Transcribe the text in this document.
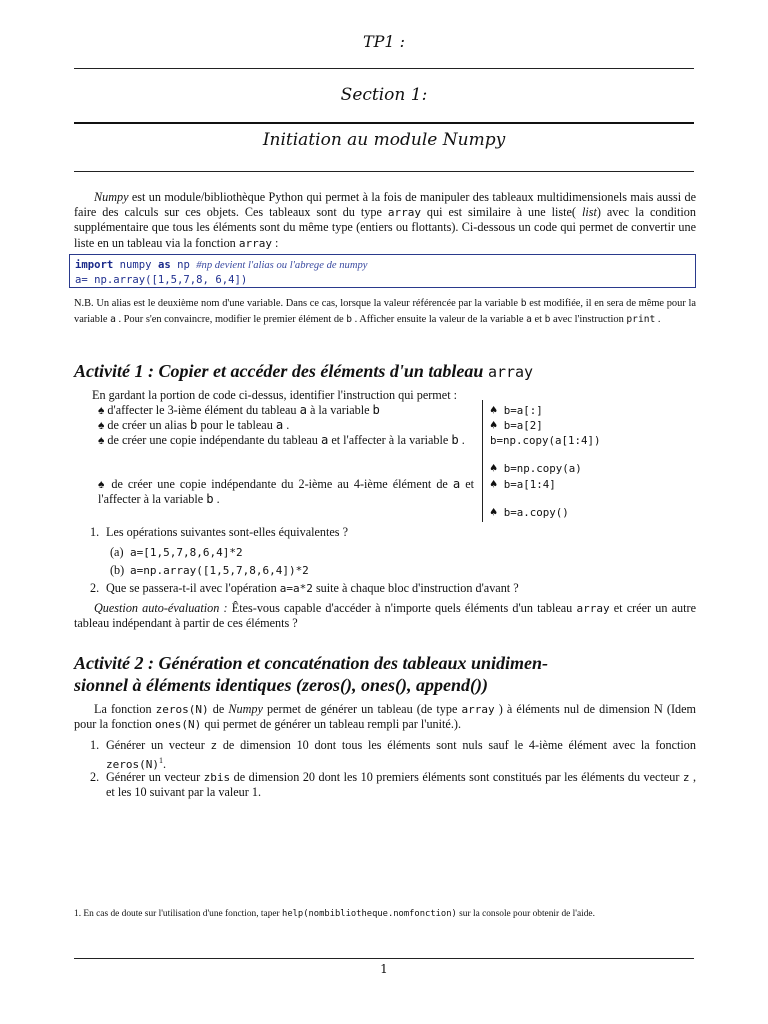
TP1 :
Section 1:
Initiation au module Numpy
Numpy est un module/bibliothèque Python qui permet à la fois de manipuler des tableaux multidimensionels mais aussi de faire des calculs sur ces objets. Ces tableaux sont du type array qui est similaire à une liste( list) avec la condition supplémentaire que tous les éléments sont du même type (entiers ou flottants). Ci-dessous un code qui permet de convertir une liste en un tableau via la fonction array :
import numpy as np #np devient l'alias ou l'abrege de numpy
a= np.array([1,5,7,8, 6,4])
N.B. Un alias est le deuxième nom d'une variable. Dans ce cas, lorsque la valeur référencée par la variable b est modifiée, il en sera de même pour la variable a . Pour s'en convaincre, modifier le premier élément de b . Afficher ensuite la valeur de la variable a et b avec l'instruction print .
Activité 1 : Copier et accéder des éléments d'un tableau array
En gardant la portion de code ci-dessus, identifier l'instruction qui permet :
♠ d'affecter le 3-ième élément du tableau a à la variable b
♠ de créer un alias b pour le tableau a .
♠ de créer une copie indépendante du tableau a et l'affecter à la variable b .
♠ de créer une copie indépendante du 2-ième au 4-ième élément de a et l'affecter à la variable b .
♠ b=a[:]
♠ b=a[2]
b=np.copy(a[1:4])
♠ b=np.copy(a)
♠ b=a[1:4]
♠ b=a.copy()
1. Les opérations suivantes sont-elles équivalentes ?
(a) a=[1,5,7,8,6,4]*2
(b) a=np.array([1,5,7,8,6,4])*2
2. Que se passera-t-il avec l'opération a=a*2 suite à chaque bloc d'instruction d'avant ?
Question auto-évaluation : Êtes-vous capable d'accéder à n'importe quels éléments d'un tableau array et créer un autre tableau indépendant à partir de ces éléments ?
Activité 2 : Génération et concaténation des tableaux unidimen-
sionnel à éléments identiques (zeros(), ones(), append())
La fonction zeros(N) de Numpy permet de générer un tableau (de type array ) à éléments nul de dimension N (Idem pour la fonction ones(N) qui permet de générer un tableau rempli par l'unité.).
1. Générer un vecteur z de dimension 10 dont tous les éléments sont nuls sauf le 4-ième élément avec la fonction $zeros(N)^1$.
2. Générer un vecteur zbis de dimension 20 dont les 10 premiers éléments sont constitués par les éléments du vecteur z , et les 10 suivant par la valeur 1.
1. En cas de doute sur l'utilisation d'une fonction, taper help(nombibliotheque.nomfonction) sur la console pour obtenir de l'aide.
1
